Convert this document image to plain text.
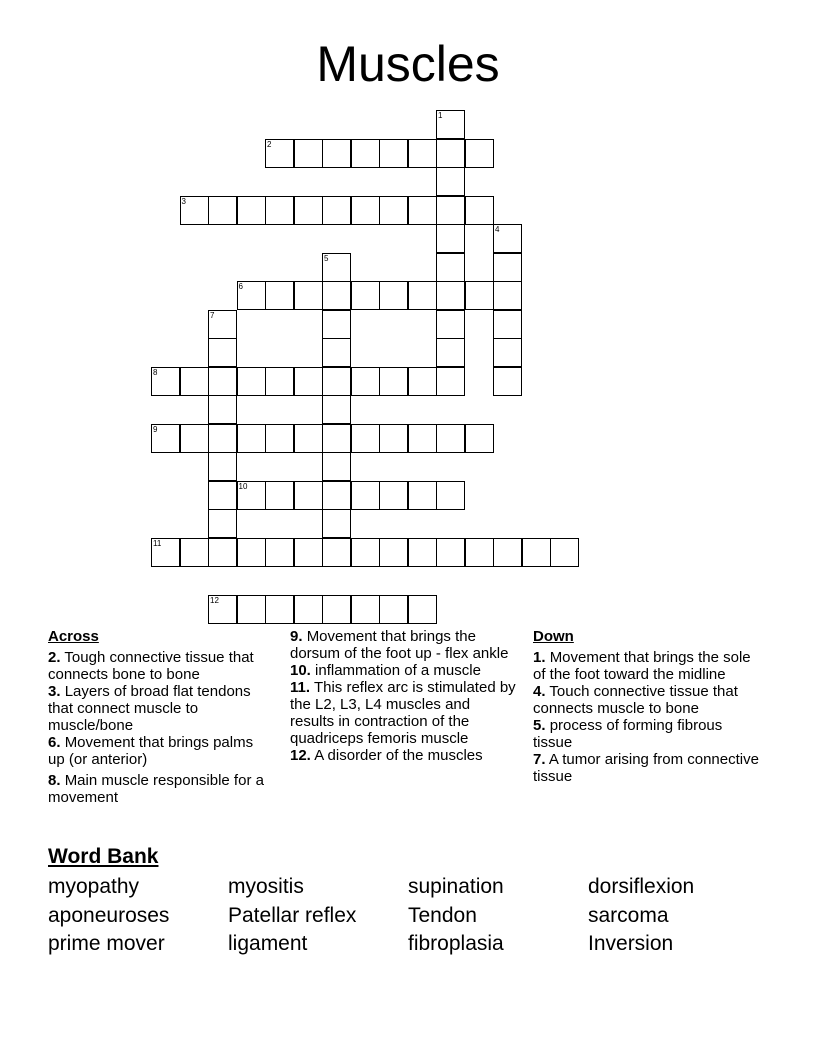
Muscles
1
2
3
4
5
6
7
8
9
10
11
12
Across
2. Tough connective tissue that connects bone to bone
3. Layers of broad flat tendons that connect muscle to muscle/bone
6. Movement that brings palms up (or anterior)
8. Main muscle responsible for a movement
9. Movement that brings the dorsum of the foot up - flex ankle
10. inflammation of a muscle
11. This reflex arc is stimulated by the L2, L3, L4 muscles and results in contraction of the quadriceps femoris muscle
12. A disorder of the muscles
Down
1. Movement that brings the sole of the foot toward the midline
4. Touch connective tissue that connects muscle to bone
5. process of forming fibrous tissue
7. A tumor arising from connective tissue
Word Bank
myopathy	myositis	supination	dorsiflexion
aponeuroses	Patellar reflex	Tendon	sarcoma
prime mover	ligament	fibroplasia	Inversion
